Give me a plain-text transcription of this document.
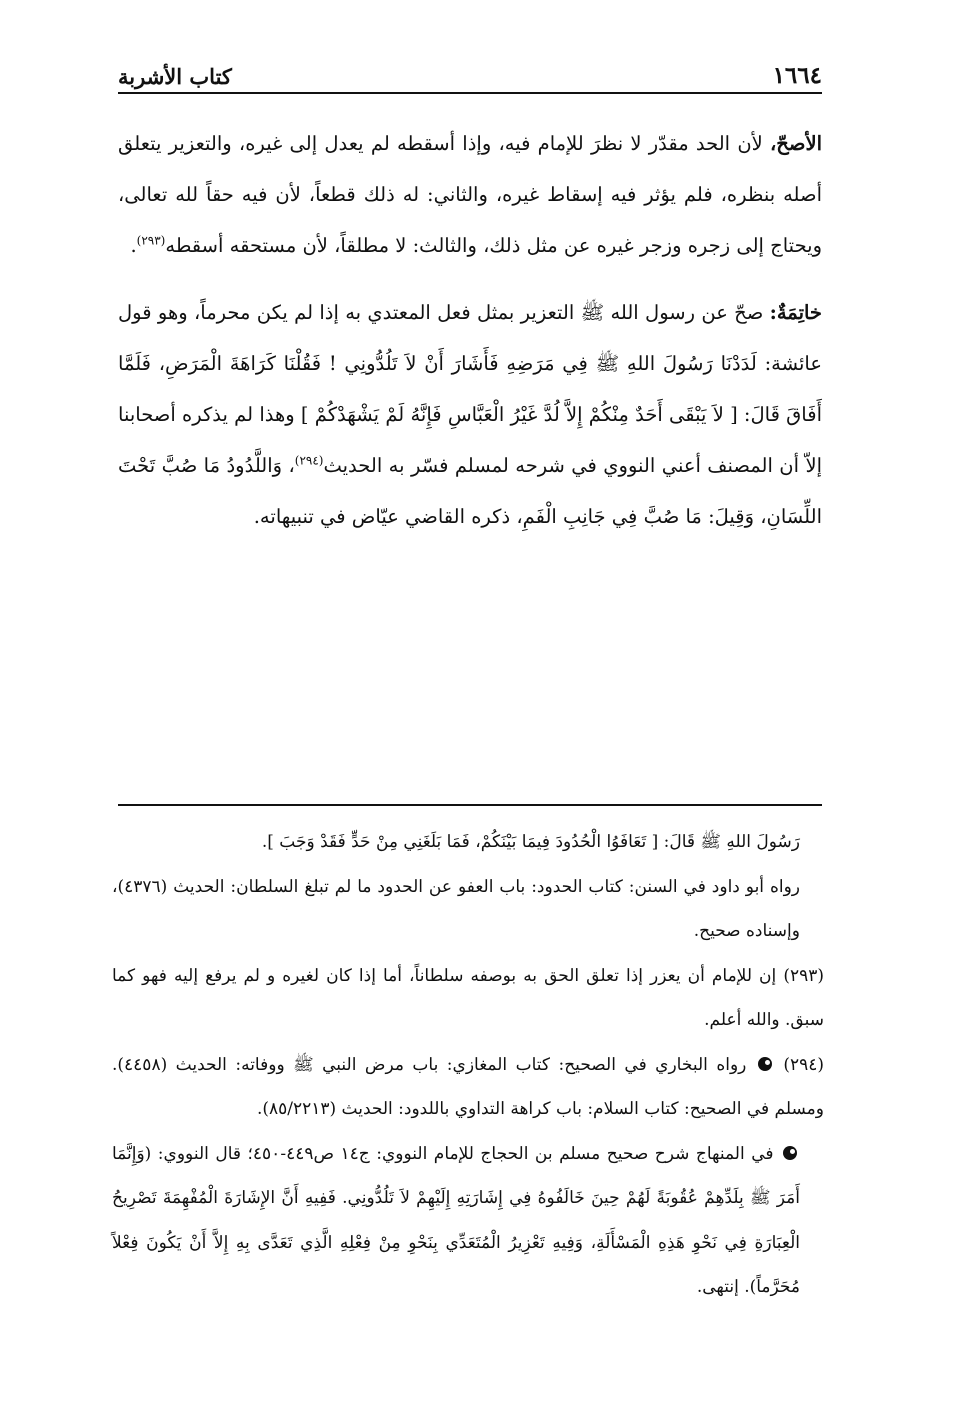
١٦٦٤
كتاب الأشربة

الأصحّ، لأن الحد مقدّر لا نظرَ للإمام فيه، وإذا أسقطه لم يعدل إلى غيره، والتعزير يتعلق أصله بنظره، فلم يؤثر فيه إسقاط غيره، والثاني: له ذلك قطعاً، لأن فيه حقاً لله تعالى، ويحتاج إلى زجره وزجر غيره عن مثل ذلك، والثالث: لا مطلقاً، لأن مستحقه أسقطه$^{(٢٩٣)}$.

خاتِمَةٌ: صحّ عن رسول الله ﷺ التعزير بمثل فعل المعتدي به إذا لم يكن محرماً، وهو قول عائشة: لَدَدْنَا رَسُولَ اللهِ ﷺ فِي مَرَضِهِ فَأَشَارَ أَنْ لاَ تَلُدُّونِي ! فَقُلْنَا كَرَاهَةَ الْمَرَضِ، فَلَمَّا أَفَاقَ قَالَ: [ لاَ يَبْقَى أَحَدٌ مِنْكُمْ إِلاَّ لُدَّ غَيْرُ الْعَبَّاسِ فَإِنَّهُ لَمْ يَشْهَدْكُمْ ] وهذا لم يذكره أصحابنا إلاّ أن المصنف أعني النووي في شرحه لمسلم فسّر به الحديث$^{(٢٩٤)}$، وَاللَّدُودُ مَا صُبَّ تَحْتَ اللِّسَانِ، وَقِيلَ: مَا صُبَّ فِي جَانِبِ الْفَمِ، ذكره القاضي عيّاض في تنبيهاته.

رَسُولَ اللهِ ﷺ قَالَ: [ تَعَافَوُا الْحُدُودَ فِيمَا بَيْنَكُمْ، فَمَا بَلَغَنِي مِنْ حَدٍّ فَقَدْ وَجَبَ ].

رواه أبو داود في السنن: كتاب الحدود: باب العفو عن الحدود ما لم تبلغ السلطان: الحديث (٤٣٧٦)، وإسناده صحيح.

(٢٩٣) إن للإمام أن يعزر إذا تعلق الحق به بوصفه سلطاناً، أما إذا كان لغيره و لم يرفع إليه فهو كما سبق. والله أعلم.

(٢٩٤)  رواه البخاري في الصحيح: كتاب المغازي: باب مرض النبي ﷺ ووفاته: الحديث (٤٤٥٨). ومسلم في الصحيح: كتاب السلام: باب كراهة التداوي باللدود: الحديث (٨٥/٢٢١٣).

في المنهاج شرح صحيح مسلم بن الحجاج للإمام النووي: ج١٤ ص٤٤٩-٤٥٠؛ قال النووي: (وَإِنَّمَا أَمَرَ ﷺ بِلَدِّهِمْ عُقُوبَةً لَهُمْ حِينَ خَالَفُوهُ فِي إِشَارَتِهِ إِلَيْهِمْ لاَ تَلُدُّونِي. فَفِيهِ أَنَّ الإِشَارَةَ الْمُفْهِمَةَ تَصْرِيحُ الْعِبَارَةِ فِي نَحْوِ هَذِهِ الْمَسْأَلَةِ، وَفِيهِ تَعْزِيرُ الْمُتَعَدِّي بِنَحْوِ مِنْ فِعْلِهِ الَّذِي تَعَدَّى بِهِ إِلاَّ أَنْ يَكُونَ فِعْلاً مُحَرَّماً). إنتهى.
